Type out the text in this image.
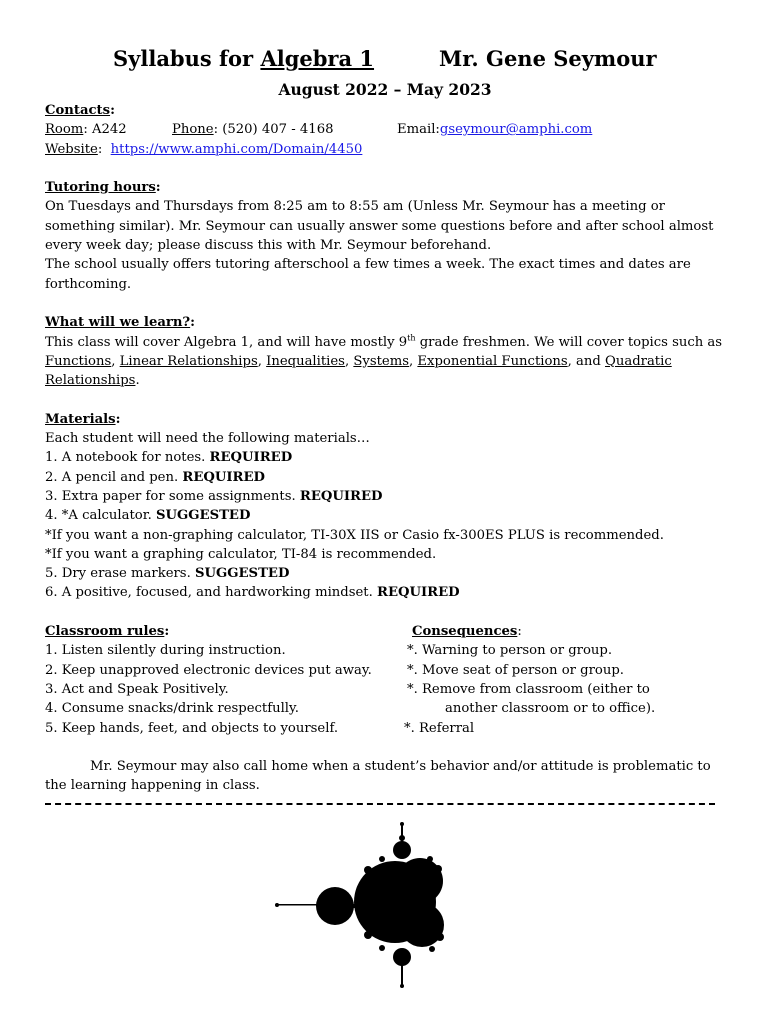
Syllabus for Algebra 1	Mr. Gene Seymour
August 2022 – May 2023
Contacts:
Room: A242	Phone: (520) 407 - 4168	Email:gseymour@amphi.com
Website:  https://www.amphi.com/Domain/4450
Tutoring hours:
On Tuesdays and Thursdays from 8:25 am to 8:55 am (Unless Mr. Seymour has a meeting or something similar). Mr. Seymour can usually answer some questions before and after school almost every week day; please discuss this with Mr. Seymour beforehand.
The school usually offers tutoring afterschool a few times a week. The exact times and dates are forthcoming.
What will we learn?:
This class will cover Algebra 1, and will have mostly 9th grade freshmen. We will cover topics such as Functions, Linear Relationships, Inequalities, Systems, Exponential Functions, and Quadratic Relationships.
Materials:
Each student will need the following materials…
1. A notebook for notes. REQUIRED
2. A pencil and pen. REQUIRED
3. Extra paper for some assignments. REQUIRED
4. *A calculator. SUGGESTED
*If you want a non-graphing calculator, TI-30X IIS or Casio fx-300ES PLUS is recommended.
*If you want a graphing calculator, TI-84 is recommended.
5. Dry erase markers. SUGGESTED
6. A positive, focused, and hardworking mindset. REQUIRED
Classroom rules:
1. Listen silently during instruction.
2. Keep unapproved electronic devices put away.
3. Act and Speak Positively.
4. Consume snacks/drink respectfully.
5. Keep hands, feet, and objects to yourself.
Consequences:
*. Warning to person or group.
*. Move seat of person or group.
*. Remove from classroom (either to
another classroom or to office).
*. Referral
Mr. Seymour may also call home when a student’s behavior and/or attitude is problematic to the learning happening in class.
